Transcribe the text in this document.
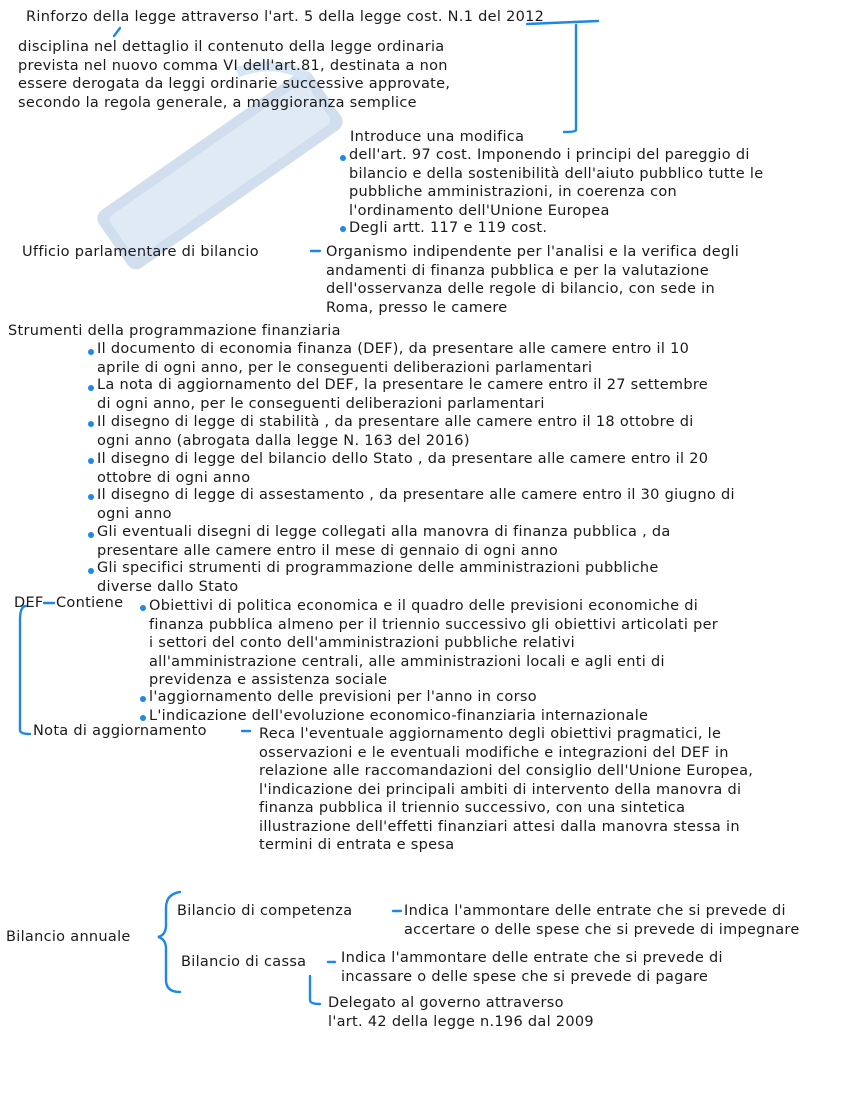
Rinforzo della legge attraverso l'art. 5 della legge cost. N.1 del 2012
disciplina nel dettaglio il contenuto della legge ordinaria
prevista nel nuovo comma VI dell'art.81, destinata a non
essere derogata da leggi ordinarie successive approvate,
secondo la regola generale, a maggioranza semplice
Introduce una modifica
dell'art. 97 cost. Imponendo i principi del pareggio di
bilancio e della sostenibilità dell'aiuto pubblico tutte le
pubbliche amministrazioni, in coerenza con
l'ordinamento dell'Unione Europea
Degli artt. 117 e 119 cost.
Ufficio parlamentare di bilancio	Organismo indipendente per l'analisi e la verifica degli
andamenti di finanza pubblica e per la valutazione
dell'osservanza delle regole di bilancio, con sede in
Roma, presso le camere
Strumenti della programmazione finanziaria
Il documento di economia finanza (DEF), da presentare alle camere entro il 10
aprile di ogni anno, per le conseguenti deliberazioni parlamentari
La nota di aggiornamento del DEF, la presentare le camere entro il 27 settembre
di ogni anno, per le conseguenti deliberazioni parlamentari
Il disegno di legge di stabilità , da presentare alle camere entro il 18 ottobre di
ogni anno (abrogata dalla legge N. 163 del 2016)
Il disegno di legge del bilancio dello Stato , da presentare alle camere entro il 20
ottobre di ogni anno
Il disegno di legge di assestamento , da presentare alle camere entro il 30 giugno di
ogni anno
Gli eventuali disegni di legge collegati alla manovra di finanza pubblica , da
presentare alle camere entro il mese di gennaio di ogni anno
Gli specifici strumenti di programmazione delle amministrazioni pubbliche
diverse dallo Stato
DEF Contiene Obiettivi di politica economica e il quadro delle previsioni economiche di
finanza pubblica almeno per il triennio successivo gli obiettivi articolati per
i settori del conto dell'amministrazioni pubbliche relativi
all'amministrazione centrali, alle amministrazioni locali e agli enti di
previdenza e assistenza sociale
l'aggiornamento delle previsioni per l'anno in corso
L'indicazione dell'evoluzione economico-finanziaria internazionale
Nota di aggiornamento	Reca l'eventuale aggiornamento degli obiettivi pragmatici, le
osservazioni e le eventuali modifiche e integrazioni del DEF in
relazione alle raccomandazioni del consiglio dell'Unione Europea,
l'indicazione dei principali ambiti di intervento della manovra di
finanza pubblica il triennio successivo, con una sintetica
illustrazione dell'effetti finanziari attesi dalla manovra stessa in
termini di entrata e spesa
Bilancio annuale
Bilancio di competenza	Indica l'ammontare delle entrate che si prevede di
accertare o delle spese che si prevede di impegnare
Bilancio di cassa Indica l'ammontare delle entrate che si prevede di
incassare o delle spese che si prevede di pagare
Delegato al governo attraverso
l'art. 42 della legge n.196 dal 2009
